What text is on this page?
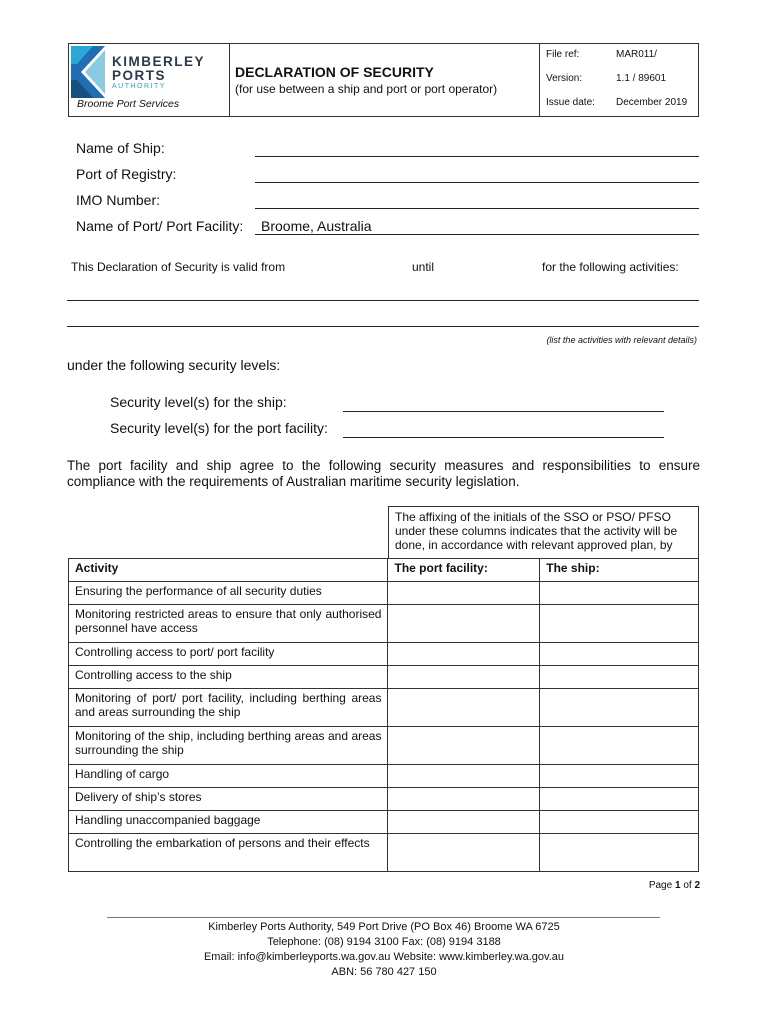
KIMBERLEY
PORTS
AUTHORITY
Broome Port Services
DECLARATION OF SECURITY
(for use between a ship and port or port operator)
File ref:	MAR011/
Version:	1.1 / 89601
Issue date: December 2019
Name of Ship:
Port of Registry:
IMO Number:
Name of Port/ Port Facility: Broome, Australia
This Declaration of Security is valid from	until	for the following activities:
(list the activities with relevant details)
under the following security levels:
Security level(s) for the ship:
Security level(s) for the port facility:
The port facility and ship agree to the following security measures and responsibilities to ensure compliance with the requirements of Australian maritime security legislation.
The affixing of the initials of the SSO or PSO/ PFSO under these columns indicates that the activity will be done, in accordance with relevant approved plan, by
Activity	The port facility:	The ship:
Ensuring the performance of all security duties		
Monitoring restricted areas to ensure that only authorised personnel have access		
Controlling access to port/ port facility		
Controlling access to the ship		
Monitoring of port/ port facility, including berthing areas and areas surrounding the ship		
Monitoring of the ship, including berthing areas and areas surrounding the ship		
Handling of cargo		
Delivery of ship’s stores		
Handling unaccompanied baggage		
Controlling the embarkation of persons and their effects		
Page 1 of 2
Kimberley Ports Authority, 549 Port Drive (PO Box 46) Broome WA 6725
Telephone: (08) 9194 3100 Fax: (08) 9194 3188
Email: info@kimberleyports.wa.gov.au Website: www.kimberley.wa.gov.au
ABN: 56 780 427 150
